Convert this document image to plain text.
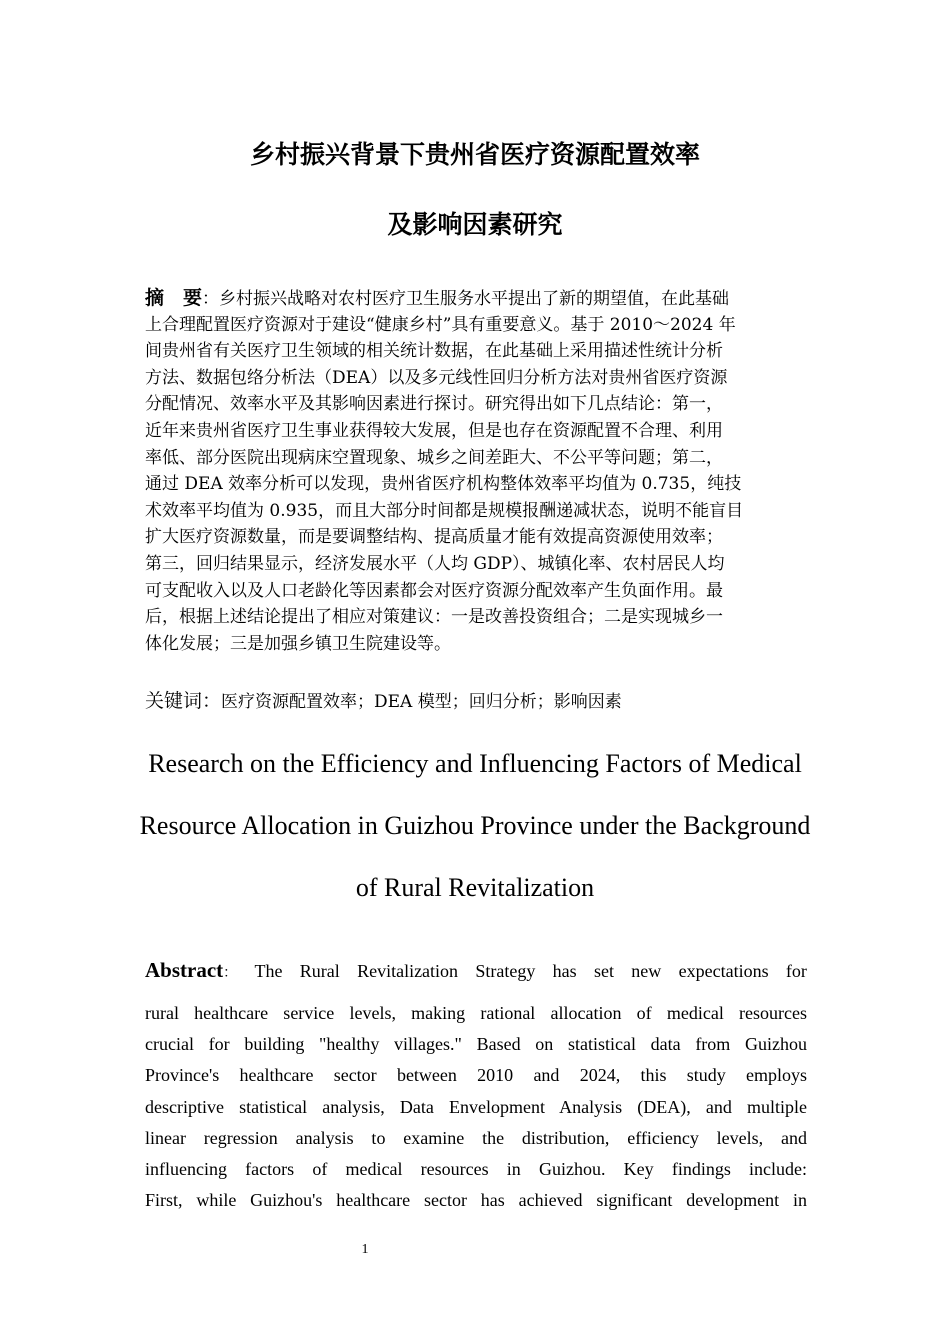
乡村振兴背景下贵州省医疗资源配置效率
及影响因素研究
摘　要：乡村振兴战略对农村医疗卫生服务水平提出了新的期望值，在此基础
上合理配置医疗资源对于建设“健康乡村”具有重要意义。基于 2010～2024 年
间贵州省有关医疗卫生领域的相关统计数据，在此基础上采用描述性统计分析
方法、数据包络分析法（DEA）以及多元线性回归分析方法对贵州省医疗资源
分配情况、效率水平及其影响因素进行探讨。研究得出如下几点结论：第一，
近年来贵州省医疗卫生事业获得较大发展，但是也存在资源配置不合理、利用
率低、部分医院出现病床空置现象、城乡之间差距大、不公平等问题；第二，
通过 DEA 效率分析可以发现，贵州省医疗机构整体效率平均值为 0.735，纯技
术效率平均值为 0.935，而且大部分时间都是规模报酬递减状态，说明不能盲目
扩大医疗资源数量，而是要调整结构、提高质量才能有效提高资源使用效率；
第三，回归结果显示，经济发展水平（人均 GDP）、城镇化率、农村居民人均
可支配收入以及人口老龄化等因素都会对医疗资源分配效率产生负面作用。最
后，根据上述结论提出了相应对策建议：一是改善投资组合；二是实现城乡一
体化发展；三是加强乡镇卫生院建设等。
关键词：医疗资源配置效率；DEA 模型；回归分析；影响因素
Research on the Efficiency and Influencing Factors of Medical
Resource Allocation in Guizhou Province under the Background
of Rural Revitalization
Abstract： The Rural Revitalization Strategy has set new expectations for
rural healthcare service levels, making rational allocation of medical resources
crucial for building "healthy villages." Based on statistical data from Guizhou
Province's healthcare sector between 2010 and 2024, this study employs
descriptive statistical analysis, Data Envelopment Analysis (DEA), and multiple
linear regression analysis to examine the distribution, efficiency levels, and
influencing factors of medical resources in Guizhou. Key findings include:
First, while Guizhou's healthcare sector has achieved significant development in
1
